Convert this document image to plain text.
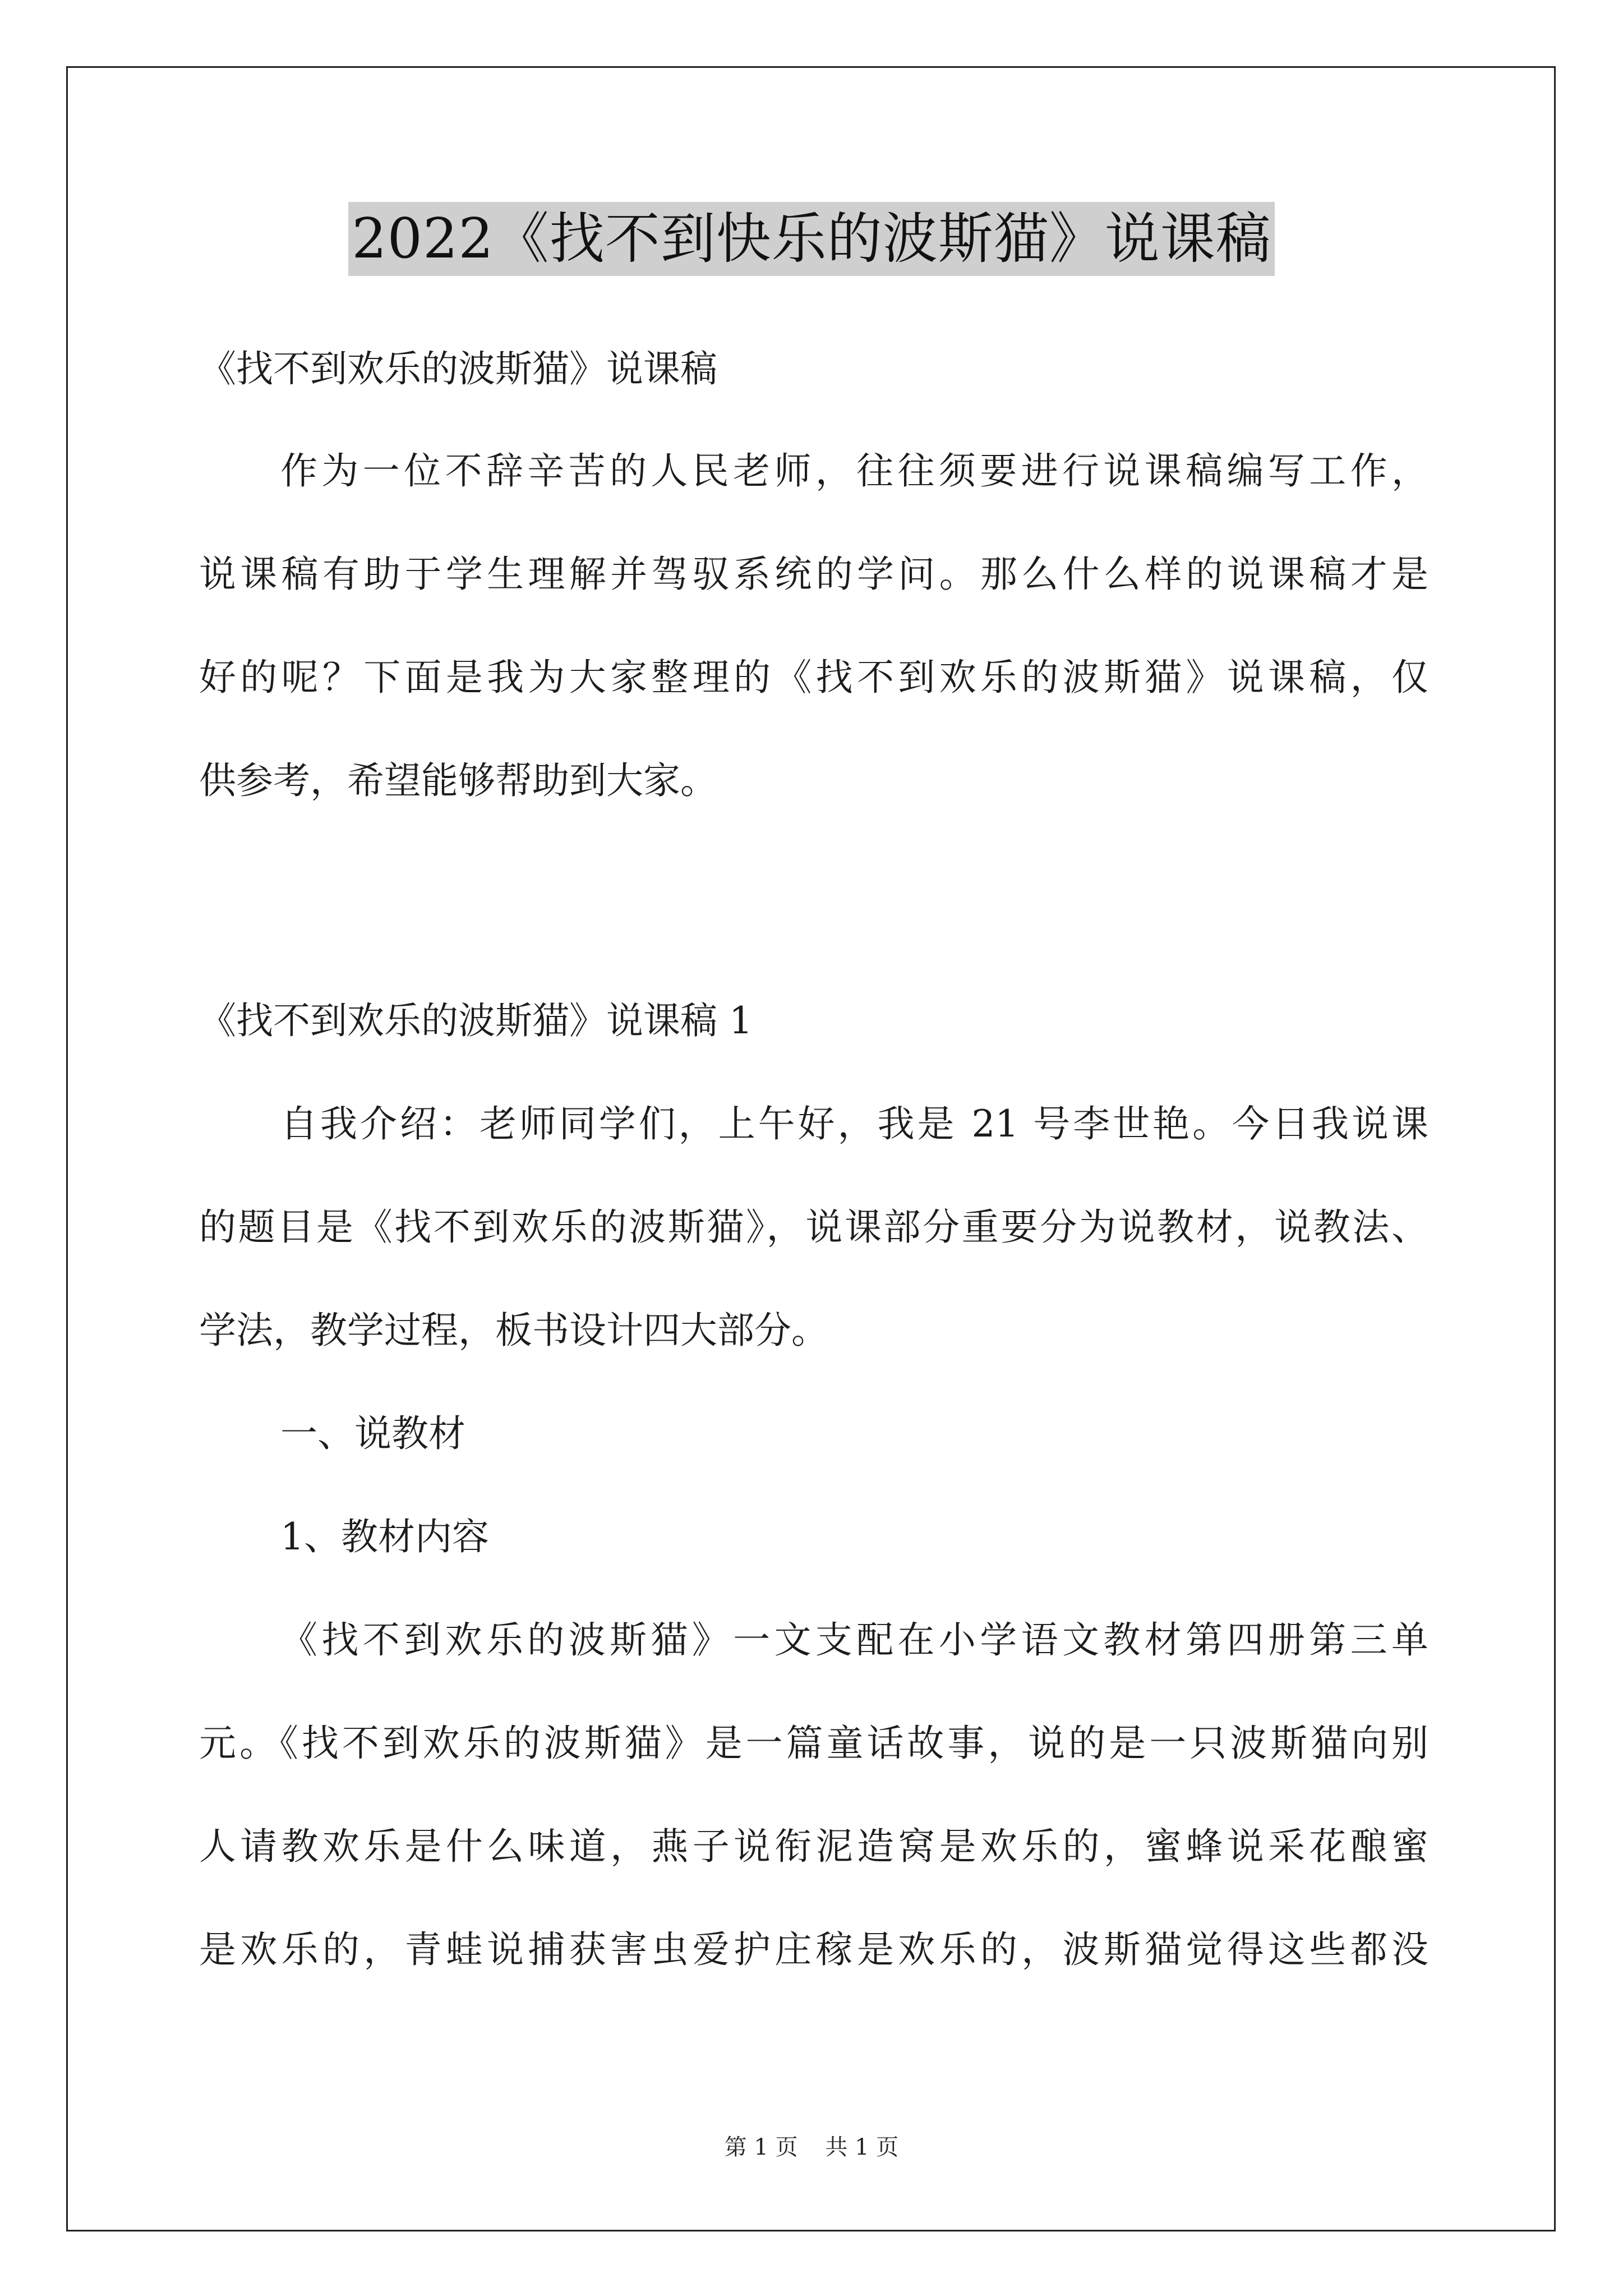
2022《找不到快乐的波斯猫》说课稿
《找不到欢乐的波斯猫》说课稿
作为一位不辞辛苦的人民老师，往往须要进行说课稿编写工作，
说课稿有助于学生理解并驾驭系统的学问。那么什么样的说课稿才是
好的呢？下面是我为大家整理的《找不到欢乐的波斯猫》说课稿，仅
供参考，希望能够帮助到大家。
《找不到欢乐的波斯猫》说课稿 1
自我介绍：老师同学们，上午好，我是 21 号李世艳。今日我说课
的题目是《找不到欢乐的波斯猫》，说课部分重要分为说教材，说教法、
学法，教学过程，板书设计四大部分。
一、说教材
1、教材内容
《找不到欢乐的波斯猫》一文支配在小学语文教材第四册第三单
元。《找不到欢乐的波斯猫》是一篇童话故事，说的是一只波斯猫向别
人请教欢乐是什么味道，燕子说衔泥造窝是欢乐的，蜜蜂说采花酿蜜
是欢乐的，青蛙说捕获害虫爱护庄稼是欢乐的，波斯猫觉得这些都没
第 1 页 共 1 页
